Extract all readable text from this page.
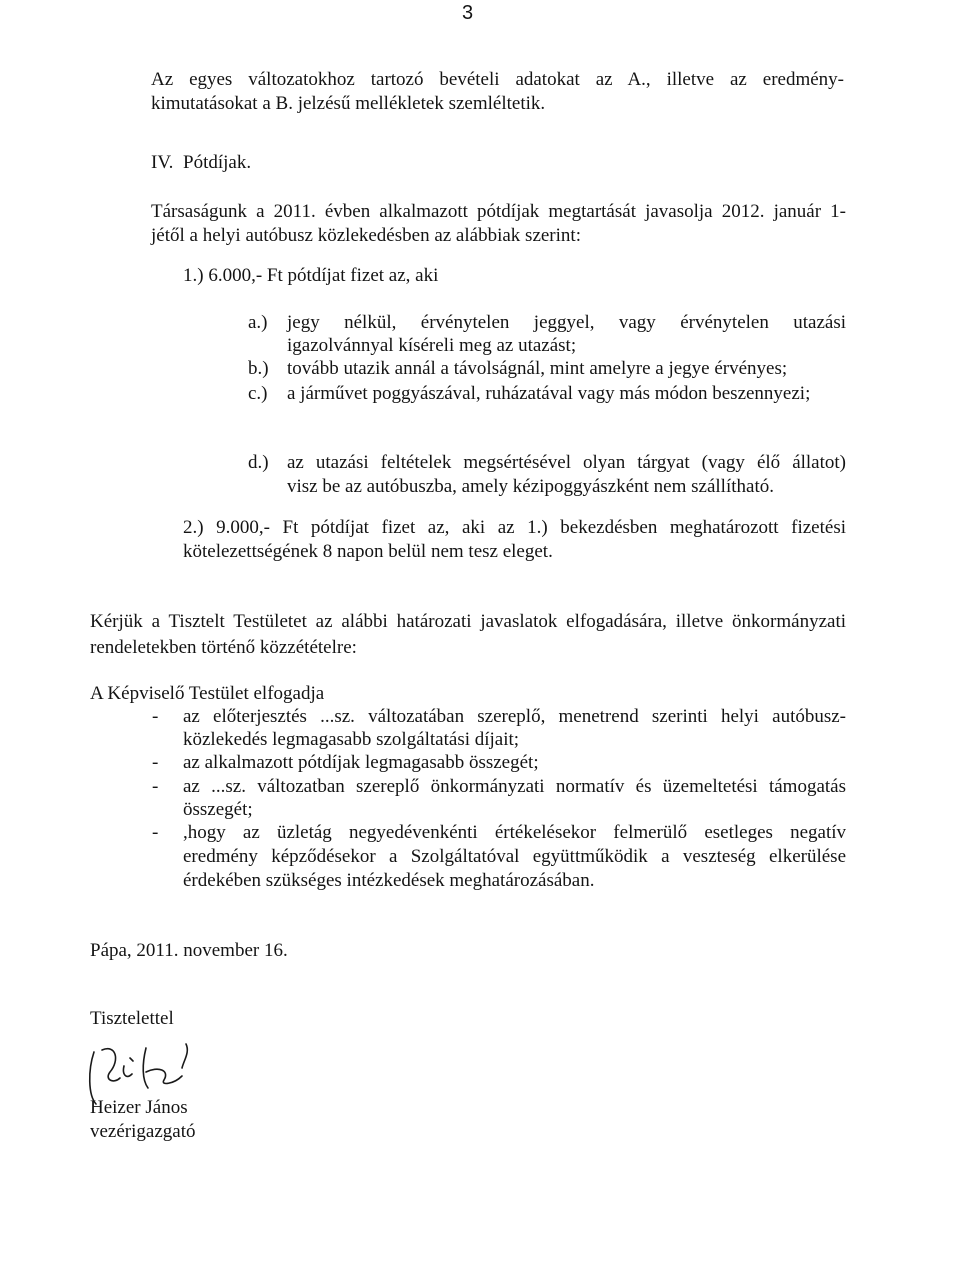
3
Az egyes változatokhoz tartozó bevételi adatokat az A., illetve az eredmény-
kimutatásokat a B. jelzésű mellékletek szemléltetik.
IV. Pótdíjak.
Társaságunk a 2011. évben alkalmazott pótdíjak megtartását javasolja 2012. január 1-
jétől a helyi autóbusz közlekedésben az alábbiak szerint:
1.) 6.000,- Ft pótdíjat fizet az, aki
a.) jegy nélkül, érvénytelen jeggyel, vagy érvénytelen utazási
igazolvánnyal kíséreli meg az utazást;
b.) tovább utazik annál a távolságnál, mint amelyre a jegye érvényes;
c.) a járművet poggyászával, ruházatával vagy más módon beszennyezi;
d.) az utazási feltételek megsértésével olyan tárgyat (vagy élő állatot)
visz be az autóbuszba, amely kézipoggyászként nem szállítható.
2.) 9.000,- Ft pótdíjat fizet az, aki az 1.) bekezdésben meghatározott fizetési
kötelezettségének 8 napon belül nem tesz eleget.
Kérjük a Tisztelt Testületet az alábbi határozati javaslatok elfogadására, illetve önkormányzati
rendeletekben történő közzétételre:
A Képviselő Testület elfogadja
- az előterjesztés ...sz. változatában szereplő, menetrend szerinti helyi autóbusz-
közlekedés legmagasabb szolgáltatási díjait;
- az alkalmazott pótdíjak legmagasabb összegét;
- az ...sz. változatban szereplő önkormányzati normatív és üzemeltetési támogatás
összegét;
- ,hogy az üzletág negyedévenkénti értékelésekor felmerülő esetleges negatív
eredmény képződésekor a Szolgáltatóval együttműködik a veszteség elkerülése
érdekében szükséges intézkedések meghatározásában.
Pápa, 2011. november 16.
Tisztelettel
Heizer János
vezérigazgató
